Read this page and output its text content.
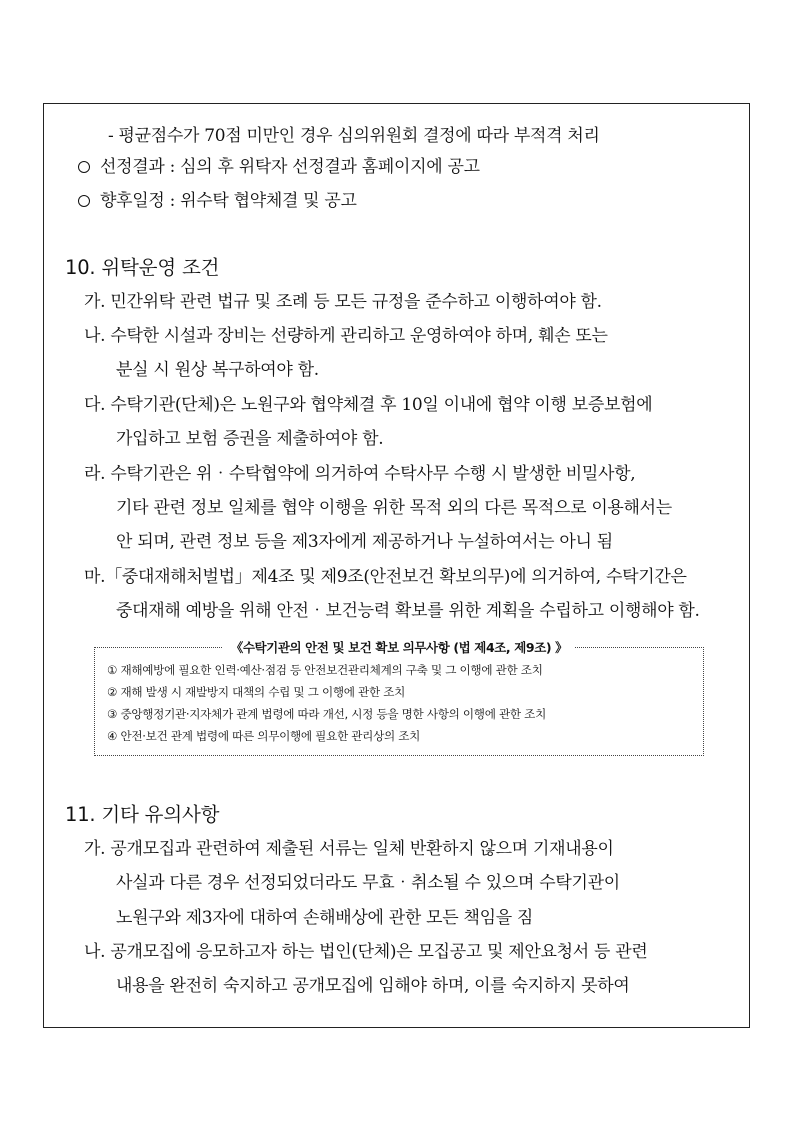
- 평균점수가 70점 미만인 경우 심의위원회 결정에 따라 부적격 처리
선정결과 : 심의 후 위탁자 선정결과 홈페이지에 공고
향후일정 : 위수탁 협약체결 및 공고
10. 위탁운영 조건
가. 민간위탁 관련 법규 및 조례 등 모든 규정을 준수하고 이행하여야 함.
나. 수탁한 시설과 장비는 선량하게 관리하고 운영하여야 하며, 훼손 또는
분실 시 원상 복구하여야 함.
다. 수탁기관(단체)은 노원구와 협약체결 후 10일 이내에 협약 이행 보증보험에
가입하고 보험 증권을 제출하여야 함.
라. 수탁기관은 위‧수탁협약에 의거하여 수탁사무 수행 시 발생한 비밀사항,
기타 관련 정보 일체를 협약 이행을 위한 목적 외의 다른 목적으로 이용해서는
안 되며, 관련 정보 등을 제3자에게 제공하거나 누설하여서는 아니 됨
마.「중대재해처벌법」제4조 및 제9조(안전보건 확보의무)에 의거하여, 수탁기간은
중대재해 예방을 위해 안전‧보건능력 확보를 위한 계획을 수립하고 이행해야 함.
《수탁기관의 안전 및 보건 확보 의무사항 (법 제4조, 제9조) 》
① 재해예방에 필요한 인력·예산·점검 등 안전보건관리체계의 구축 및 그 이행에 관한 조치
② 재해 발생 시 재발방지 대책의 수립 및 그 이행에 관한 조치
③ 중앙행정기관·지자체가 관계 법령에 따라 개선, 시정 등을 명한 사항의 이행에 관한 조치
④ 안전·보건 관계 법령에 따른 의무이행에 필요한 관리상의 조치
11. 기타 유의사항
가. 공개모집과 관련하여 제출된 서류는 일체 반환하지 않으며 기재내용이
사실과 다른 경우 선정되었더라도 무효‧취소될 수 있으며 수탁기관이
노원구와 제3자에 대하여 손해배상에 관한 모든 책임을 짐
나. 공개모집에 응모하고자 하는 법인(단체)은 모집공고 및 제안요청서 등 관련
내용을 완전히 숙지하고 공개모집에 임해야 하며, 이를 숙지하지 못하여
